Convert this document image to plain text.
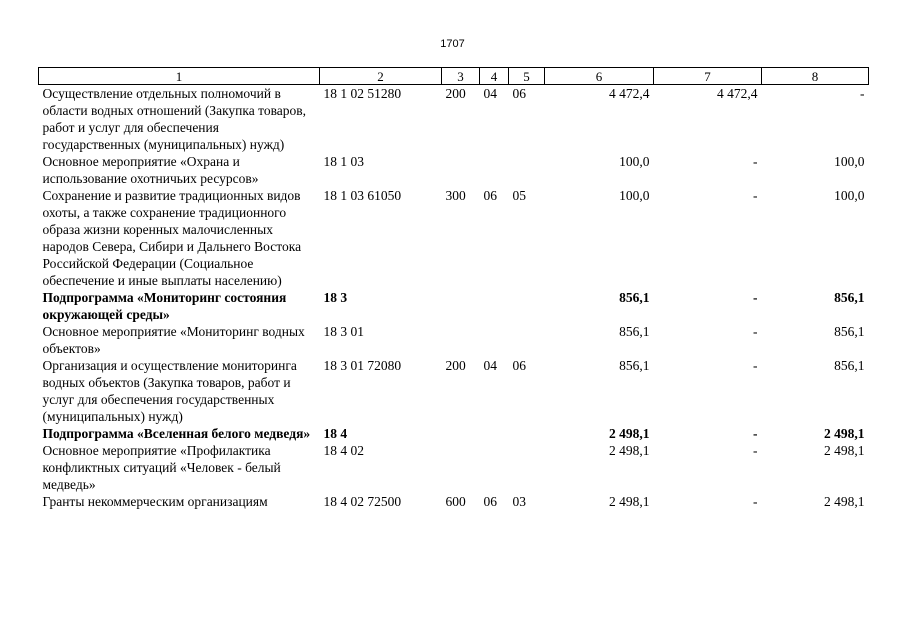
1707
1	2	3	4	5	6	7	8
Осуществление отдельных полномочий в области водных отношений (Закупка товаров, работ и услуг для обеспечения государственных (муниципальных) нужд)	18 1 02 51280	200	04	06	4 472,4	4 472,4	-
Основное мероприятие «Охрана и использование охотничьих ресурсов»	18 1 03				100,0	-	100,0
Сохранение и развитие традиционных видов охоты, а также сохранение традиционного образа жизни коренных малочисленных народов Севера, Сибири и Дальнего Востока Российской Федерации (Социальное обеспечение и иные выплаты населению)	18 1 03 61050	300	06	05	100,0	-	100,0
Подпрограмма «Мониторинг состояния окружающей среды»	18 3				856,1	-	856,1
Основное мероприятие «Мониторинг водных объектов»	18 3 01				856,1	-	856,1
Организация и осуществление мониторинга водных объектов (Закупка товаров, работ и услуг для обеспечения государственных (муниципальных) нужд)	18 3 01 72080	200	04	06	856,1	-	856,1
Подпрограмма «Вселенная белого медведя»	18 4				2 498,1	-	2 498,1
Основное мероприятие «Профилактика конфликтных ситуаций «Человек - белый медведь»	18 4 02				2 498,1	-	2 498,1
Гранты некоммерческим организациям	18 4 02 72500	600	06	03	2 498,1	-	2 498,1
